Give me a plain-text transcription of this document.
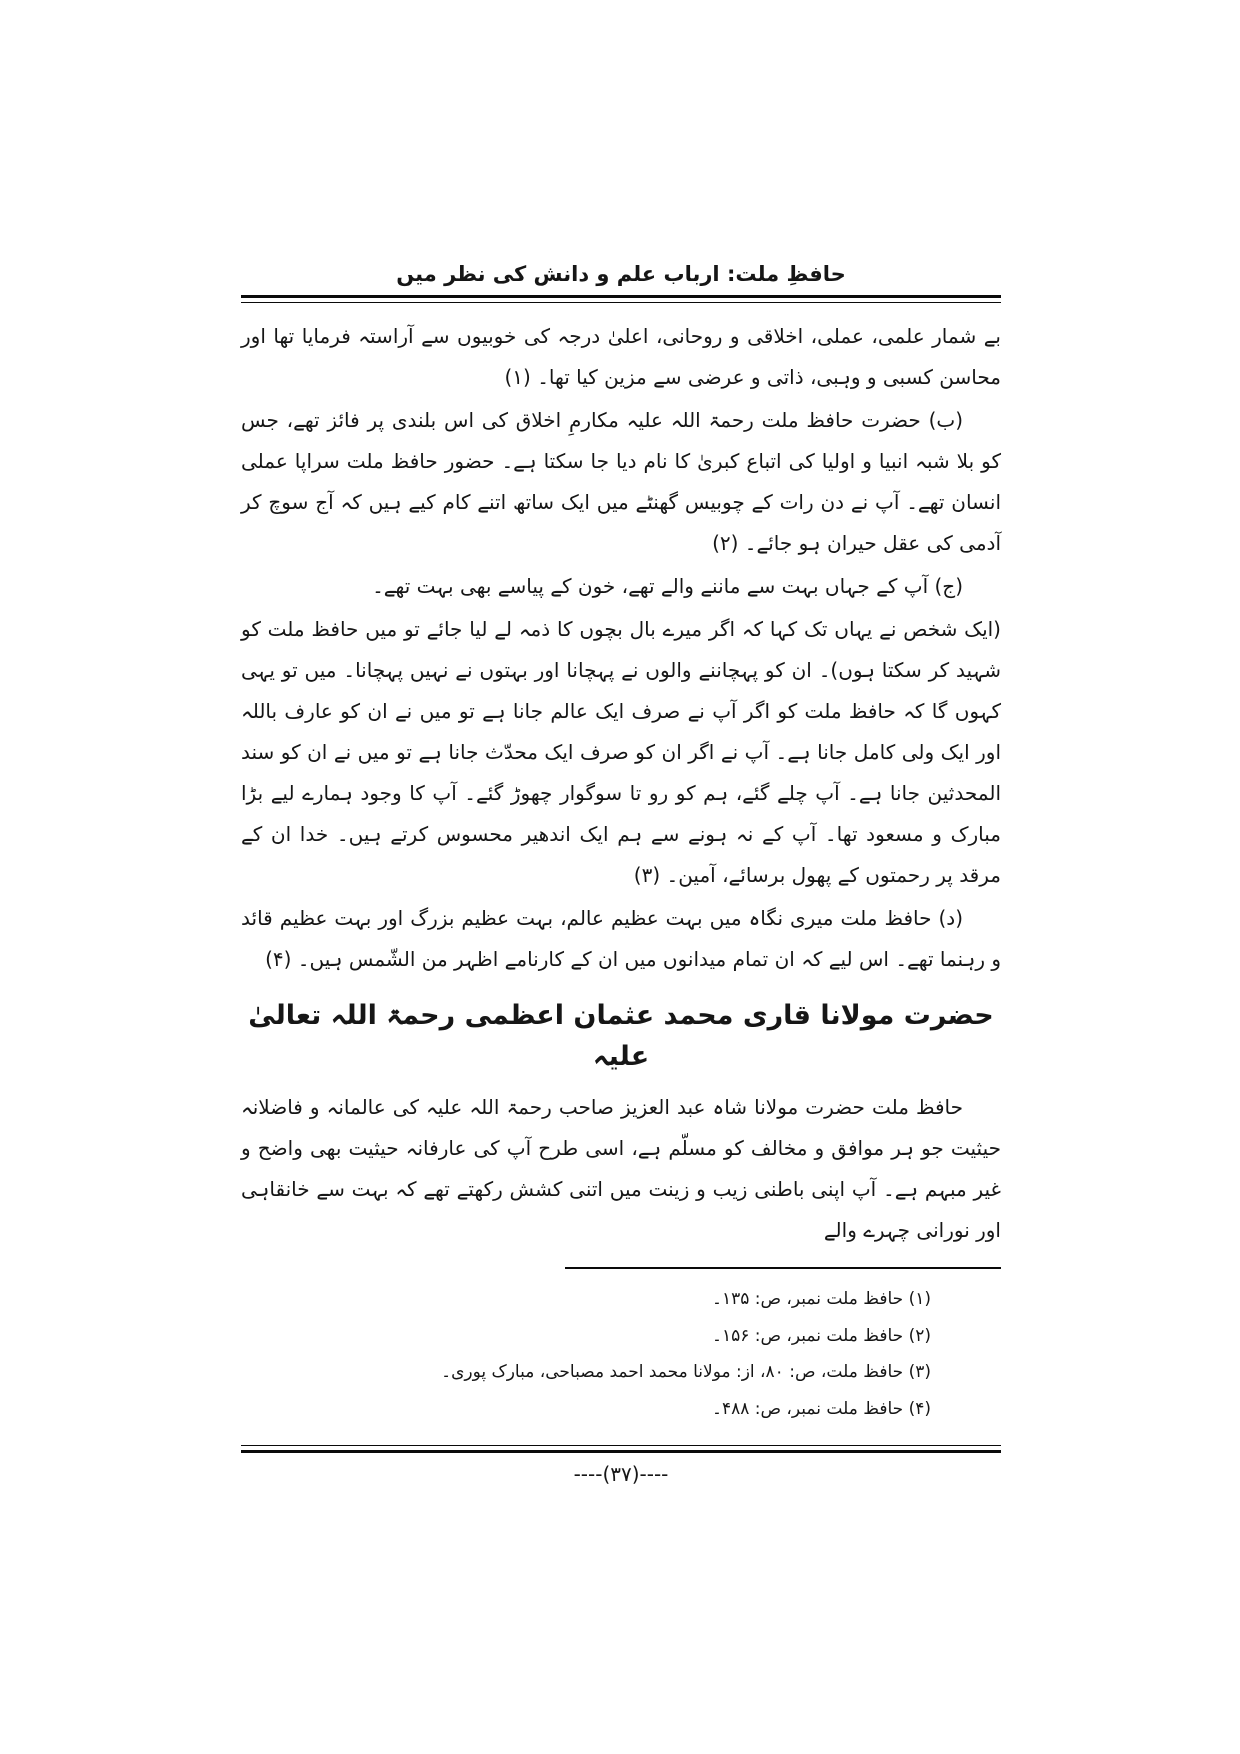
حافظِ ملت: ارباب علم و دانش کی نظر میں

بے شمار علمی، عملی، اخلاقی و روحانی، اعلیٰ درجہ کی خوبیوں سے آراستہ فرمایا تھا اور محاسن کسبی و وہبی، ذاتی و عرضی سے مزین کیا تھا۔ (۱)

(ب) حضرت حافظ ملت رحمۃ اللہ علیہ مکارمِ اخلاق کی اس بلندی پر فائز تھے، جس کو بلا شبہ انبیا و اولیا کی اتباع کبریٰ کا نام دیا جا سکتا ہے۔ حضور حافظ ملت سراپا عملی انسان تھے۔ آپ نے دن رات کے چوبیس گھنٹے میں ایک ساتھ اتنے کام کیے ہیں کہ آج سوچ کر آدمی کی عقل حیران ہو جائے۔ (۲)

(ج) آپ کے جہاں بہت سے ماننے والے تھے، خون کے پیاسے بھی بہت تھے۔

(ایک شخص نے یہاں تک کہا کہ اگر میرے بال بچوں کا ذمہ لے لیا جائے تو میں حافظ ملت کو شہید کر سکتا ہوں)۔ ان کو پہچاننے والوں نے پہچانا اور بہتوں نے نہیں پہچانا۔ میں تو یہی کہوں گا کہ حافظ ملت کو اگر آپ نے صرف ایک عالم جانا ہے تو میں نے ان کو عارف باللہ اور ایک ولی کامل جانا ہے۔ آپ نے اگر ان کو صرف ایک محدّث جانا ہے تو میں نے ان کو سند المحدثین جانا ہے۔ آپ چلے گئے، ہم کو رو تا سوگوار چھوڑ گئے۔ آپ کا وجود ہمارے لیے بڑا مبارک و مسعود تھا۔ آپ کے نہ ہونے سے ہم ایک اندھیر محسوس کرتے ہیں۔ خدا ان کے مرقد پر رحمتوں کے پھول برسائے، آمین۔ (۳)

(د) حافظ ملت میری نگاہ میں بہت عظیم عالم، بہت عظیم بزرگ اور بہت عظیم قائد و رہنما تھے۔ اس لیے کہ ان تمام میدانوں میں ان کے کارنامے اظہر من الشّمس ہیں۔ (۴)

حضرت مولانا قاری محمد عثمان اعظمی رحمۃ اللہ تعالیٰ علیہ

حافظ ملت حضرت مولانا شاہ عبد العزیز صاحب رحمۃ اللہ علیہ کی عالمانہ و فاضلانہ حیثیت جو ہر موافق و مخالف کو مسلّم ہے، اسی طرح آپ کی عارفانہ حیثیت بھی واضح و غیر مبہم ہے۔ آپ اپنی باطنی زیب و زینت میں اتنی کشش رکھتے تھے کہ بہت سے خانقاہی اور نورانی چہرے والے

(۱) حافظ ملت نمبر، ص: ۱۳۵۔
(۲) حافظ ملت نمبر، ص: ۱۵۶۔
(۳) حافظ ملت، ص: ۸۰، از: مولانا محمد احمد مصباحی، مبارک پوری۔
(۴) حافظ ملت نمبر، ص: ۴۸۸۔
----(۳۷)----
